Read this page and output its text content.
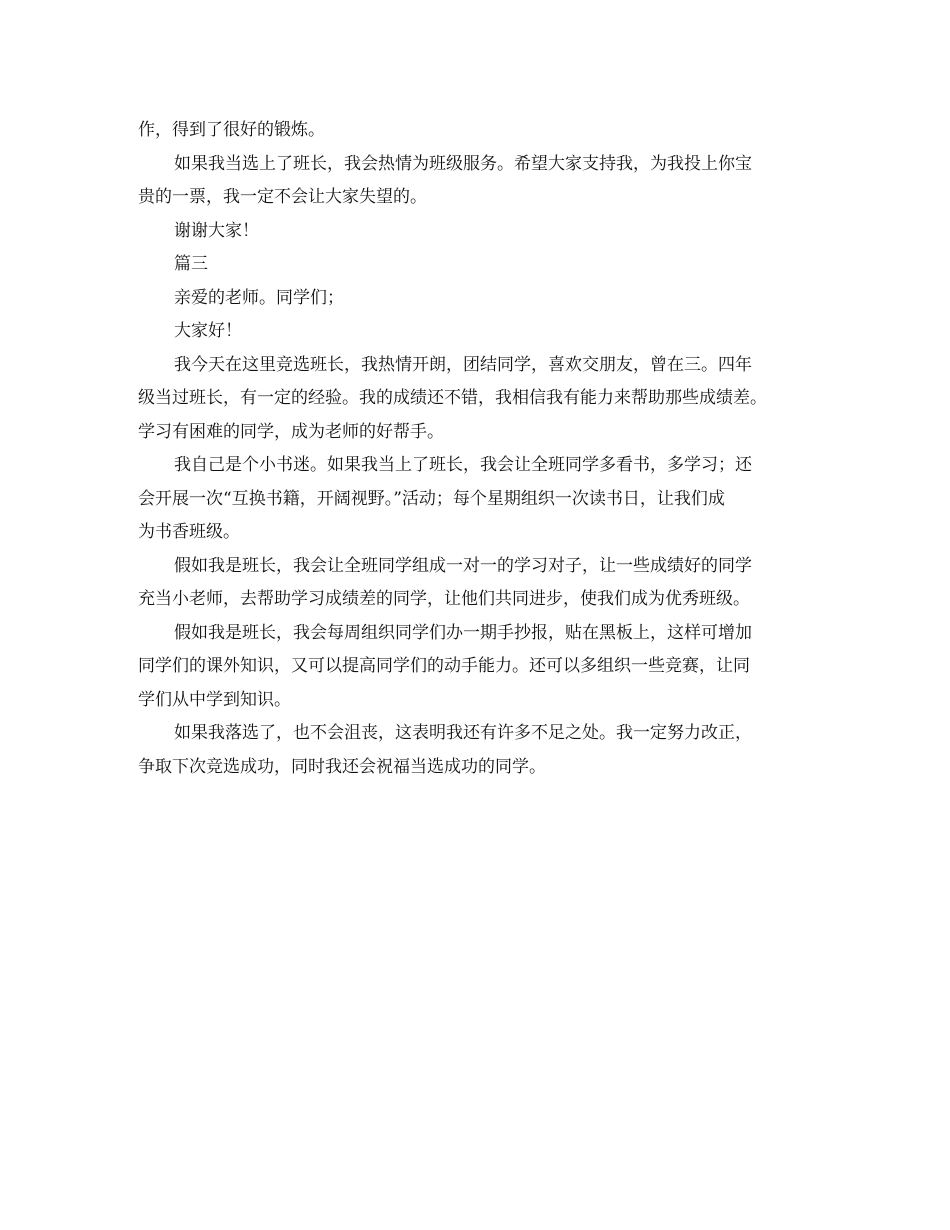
作，得到了很好的锻炼。
如果我当选上了班长，我会热情为班级服务。希望大家支持我，为我投上你宝
贵的一票，我一定不会让大家失望的。
谢谢大家！
篇三
亲爱的老师。同学们；
大家好！
我今天在这里竞选班长，我热情开朗，团结同学，喜欢交朋友，曾在三。四年
级当过班长，有一定的经验。我的成绩还不错，我相信我有能力来帮助那些成绩差。
学习有困难的同学，成为老师的好帮手。
我自己是个小书迷。如果我当上了班长，我会让全班同学多看书，多学习；还
会开展一次“互换书籍，开阔视野。”活动；每个星期组织一次读书日，让我们成
为书香班级。
假如我是班长，我会让全班同学组成一对一的学习对子，让一些成绩好的同学
充当小老师，去帮助学习成绩差的同学，让他们共同进步，使我们成为优秀班级。
假如我是班长，我会每周组织同学们办一期手抄报，贴在黑板上，这样可增加
同学们的课外知识，又可以提高同学们的动手能力。还可以多组织一些竞赛，让同
学们从中学到知识。
如果我落选了，也不会沮丧，这表明我还有许多不足之处。我一定努力改正，
争取下次竞选成功，同时我还会祝福当选成功的同学。
